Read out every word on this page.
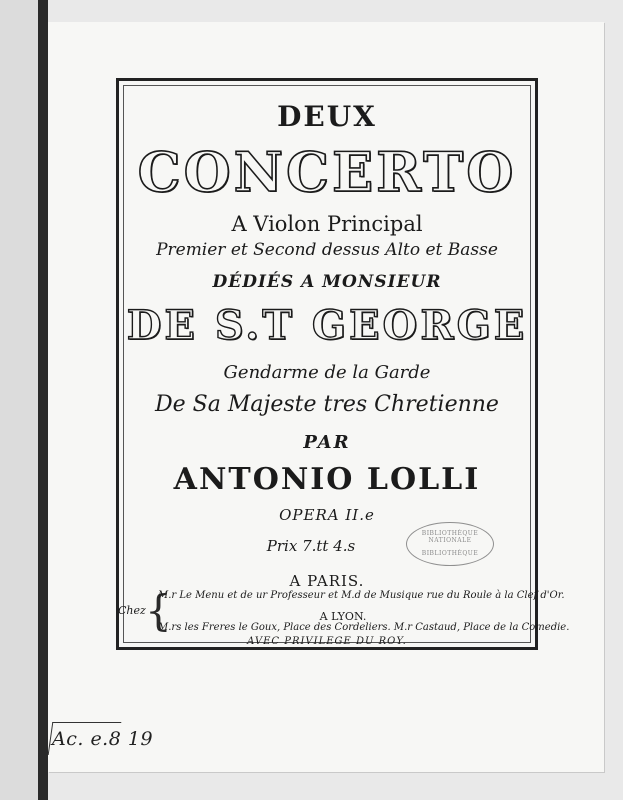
DEUX
CONCERTO
A Violon Principal
Premier et Second dessus Alto et Basse
DÉDIÉS A MONSIEUR
DE S.T GEORGE
Gendarme de la Garde
De Sa Majeste tres Chretienne
PAR
ANTONIO LOLLI
OPERA II.e
Prix 7.tt 4.s
A PARIS.
Chez {
M.r Le Menu et de ur Professeur et M.d de Musique rue du Roule à la Clef d'Or.
A LYON.
M.rs les Freres le Goux, Place des Cordeliers. M.r Castaud, Place de la Comedie.
AVEC PRIVILEGE DU ROY.
BIBLIOTHÈQUE NATIONALE
BIBLIOTHÈQUE
Ac. e.8 19
